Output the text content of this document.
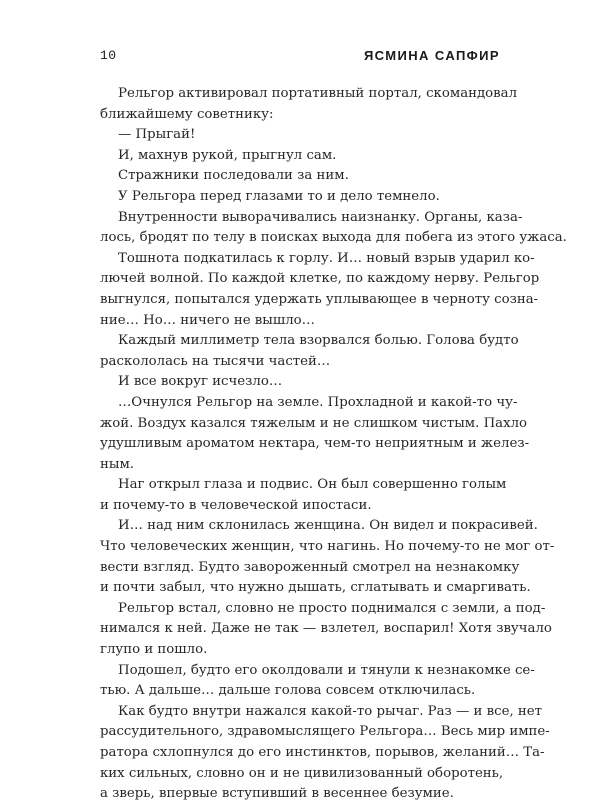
10	ЯСМИНА САПФИР
Рельгор активировал портативный портал, скомандовал
ближайшему советнику:
— Прыгай!
И, махнув рукой, прыгнул сам.
Стражники последовали за ним.
У Рельгора перед глазами то и дело темнело.
Внутренности выворачивались наизнанку. Органы, каза-
лось, бродят по телу в поисках выхода для побега из этого ужаса.
Тошнота подкатилась к горлу. И… новый взрыв ударил ко-
лючей волной. По каждой клетке, по каждому нерву. Рельгор
выгнулся, попытался удержать уплывающее в черноту созна-
ние… Но… ничего не вышло…
Каждый миллиметр тела взорвался болью. Голова будто
раскололась на тысячи частей…
И все вокруг исчезло…
…Очнулся Рельгор на земле. Прохладной и какой-то чу-
жой. Воздух казался тяжелым и не слишком чистым. Пахло
удушливым ароматом нектара, чем-то неприятным и желез-
ным.
Наг открыл глаза и подвис. Он был совершенно голым
и почему-то в человеческой ипостаси.
И… над ним склонилась женщина. Он видел и покрасивей.
Что человеческих женщин, что нагинь. Но почему-то не мог от-
вести взгляд. Будто завороженный смотрел на незнакомку
и почти забыл, что нужно дышать, сглатывать и смаргивать.
Рельгор встал, словно не просто поднимался с земли, а под-
нимался к ней. Даже не так — взлетел, воспарил! Хотя звучало
глупо и пошло.
Подошел, будто его околдовали и тянули к незнакомке се-
тью. А дальше… дальше голова совсем отключилась.
Как будто внутри нажался какой-то рычаг. Раз — и все, нет
рассудительного, здравомыслящего Рельгора… Весь мир импе-
ратора схлопнулся до его инстинктов, порывов, желаний… Та-
ких сильных, словно он и не цивилизованный оборотень,
а зверь, впервые вступивший в весеннее безумие.
